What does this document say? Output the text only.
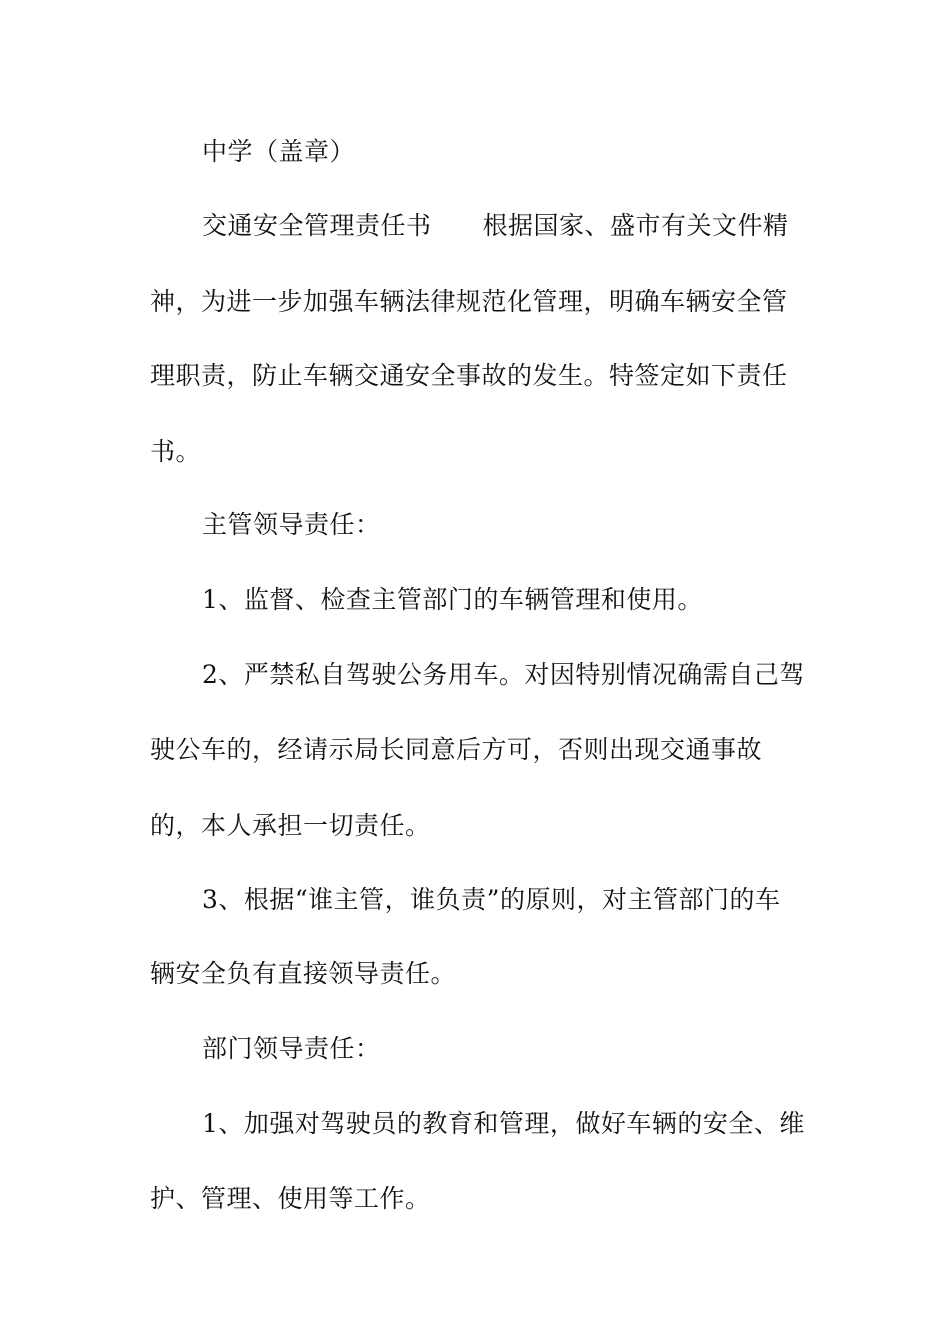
中学（盖章）
交通安全管理责任书　　根据国家、盛市有关文件精
神，为进一步加强车辆法律规范化管理，明确车辆安全管
理职责，防止车辆交通安全事故的发生。特签定如下责任
书。
主管领导责任：
1、监督、检查主管部门的车辆管理和使用。
2、严禁私自驾驶公务用车。对因特别情况确需自己驾
驶公车的，经请示局长同意后方可，否则出现交通事故
的，本人承担一切责任。
3、根据“谁主管，谁负责”的原则，对主管部门的车
辆安全负有直接领导责任。
部门领导责任：
1、加强对驾驶员的教育和管理，做好车辆的安全、维
护、管理、使用等工作。
